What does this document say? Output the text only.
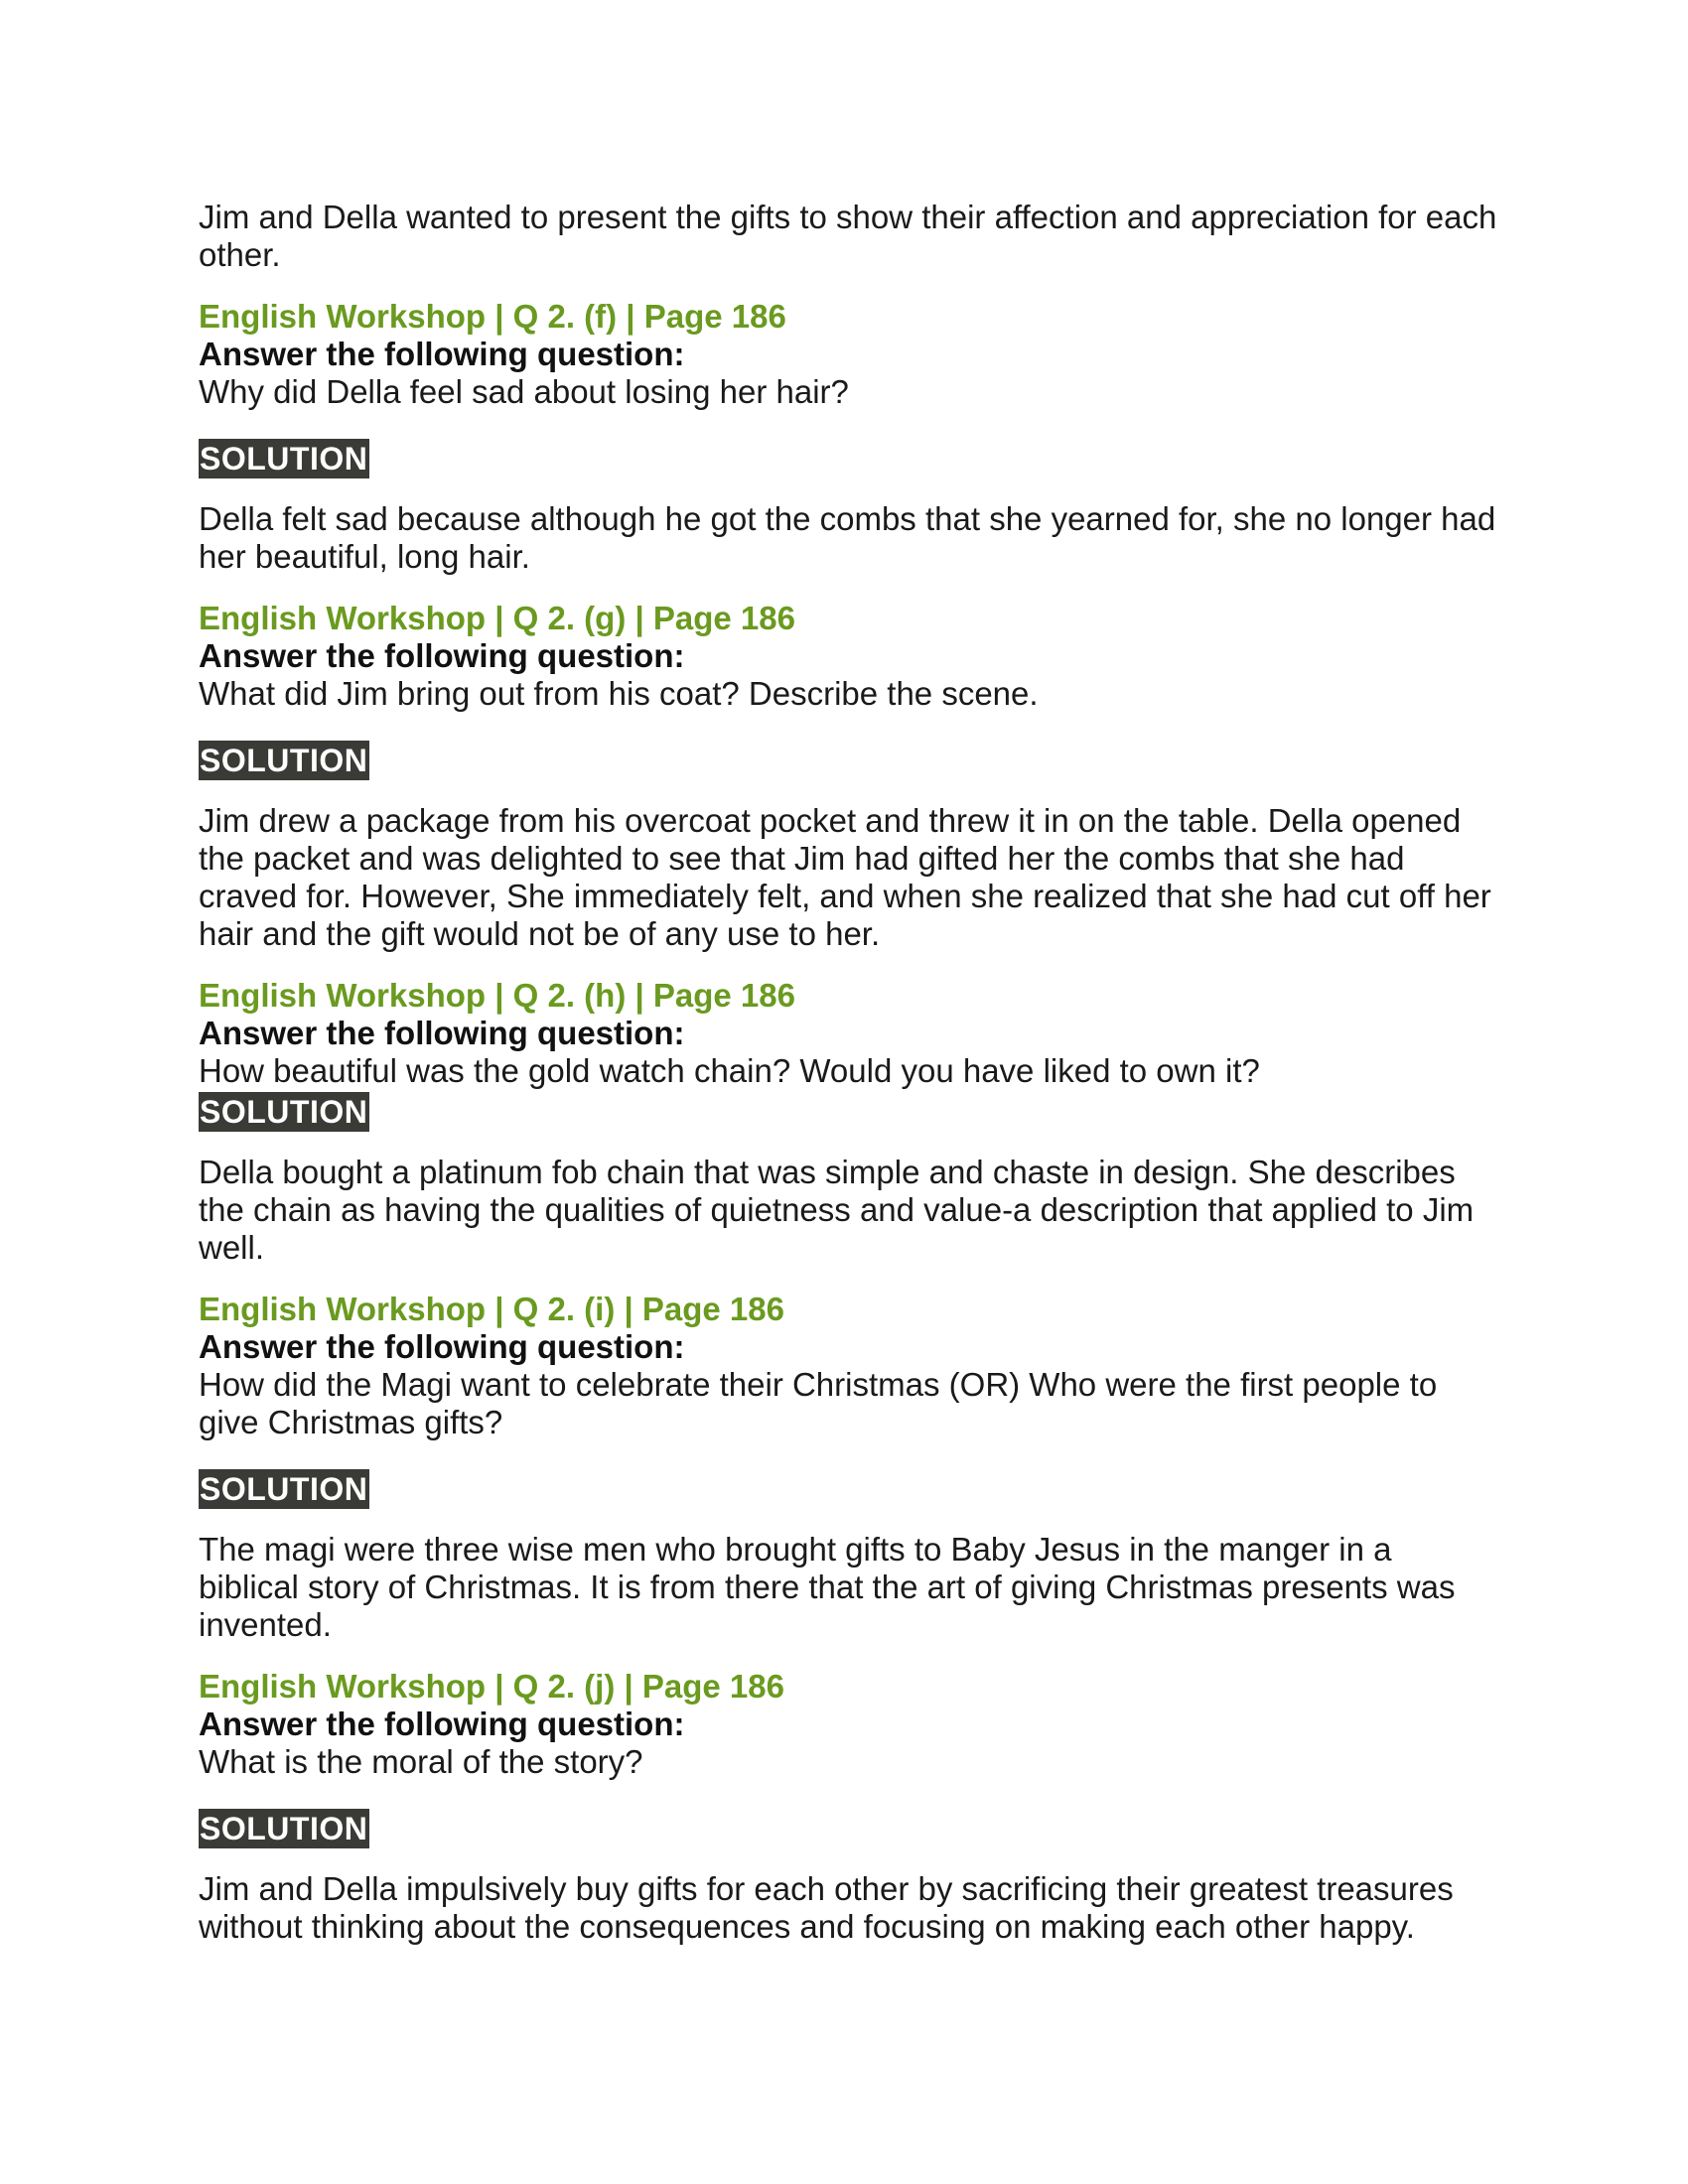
Jim and Della wanted to present the gifts to show their affection and appreciation for each other.

English Workshop | Q 2. (f) | Page 186

Answer the following question:

Why did Della feel sad about losing her hair?

SOLUTION

Della felt sad because although he got the combs that she yearned for, she no longer had her beautiful, long hair.

English Workshop | Q 2. (g) | Page 186

Answer the following question:

What did Jim bring out from his coat? Describe the scene.

SOLUTION

Jim drew a package from his overcoat pocket and threw it in on the table. Della opened the packet and was delighted to see that Jim had gifted her the combs that she had craved for. However, She immediately felt, and when she realized that she had cut off her hair and the gift would not be of any use to her.

English Workshop | Q 2. (h) | Page 186

Answer the following question:

How beautiful was the gold watch chain? Would you have liked to own it?

SOLUTION

Della bought a platinum fob chain that was simple and chaste in design. She describes the chain as having the qualities of quietness and value-a description that applied to Jim well.

English Workshop | Q 2. (i) | Page 186

Answer the following question:

How did the Magi want to celebrate their Christmas (OR) Who were the first people to give Christmas gifts?

SOLUTION

The magi were three wise men who brought gifts to Baby Jesus in the manger in a biblical story of Christmas. It is from there that the art of giving Christmas presents was invented.

English Workshop | Q 2. (j) | Page 186

Answer the following question:

What is the moral of the story?

SOLUTION

Jim and Della impulsively buy gifts for each other by sacrificing their greatest treasures without thinking about the consequences and focusing on making each other happy.
